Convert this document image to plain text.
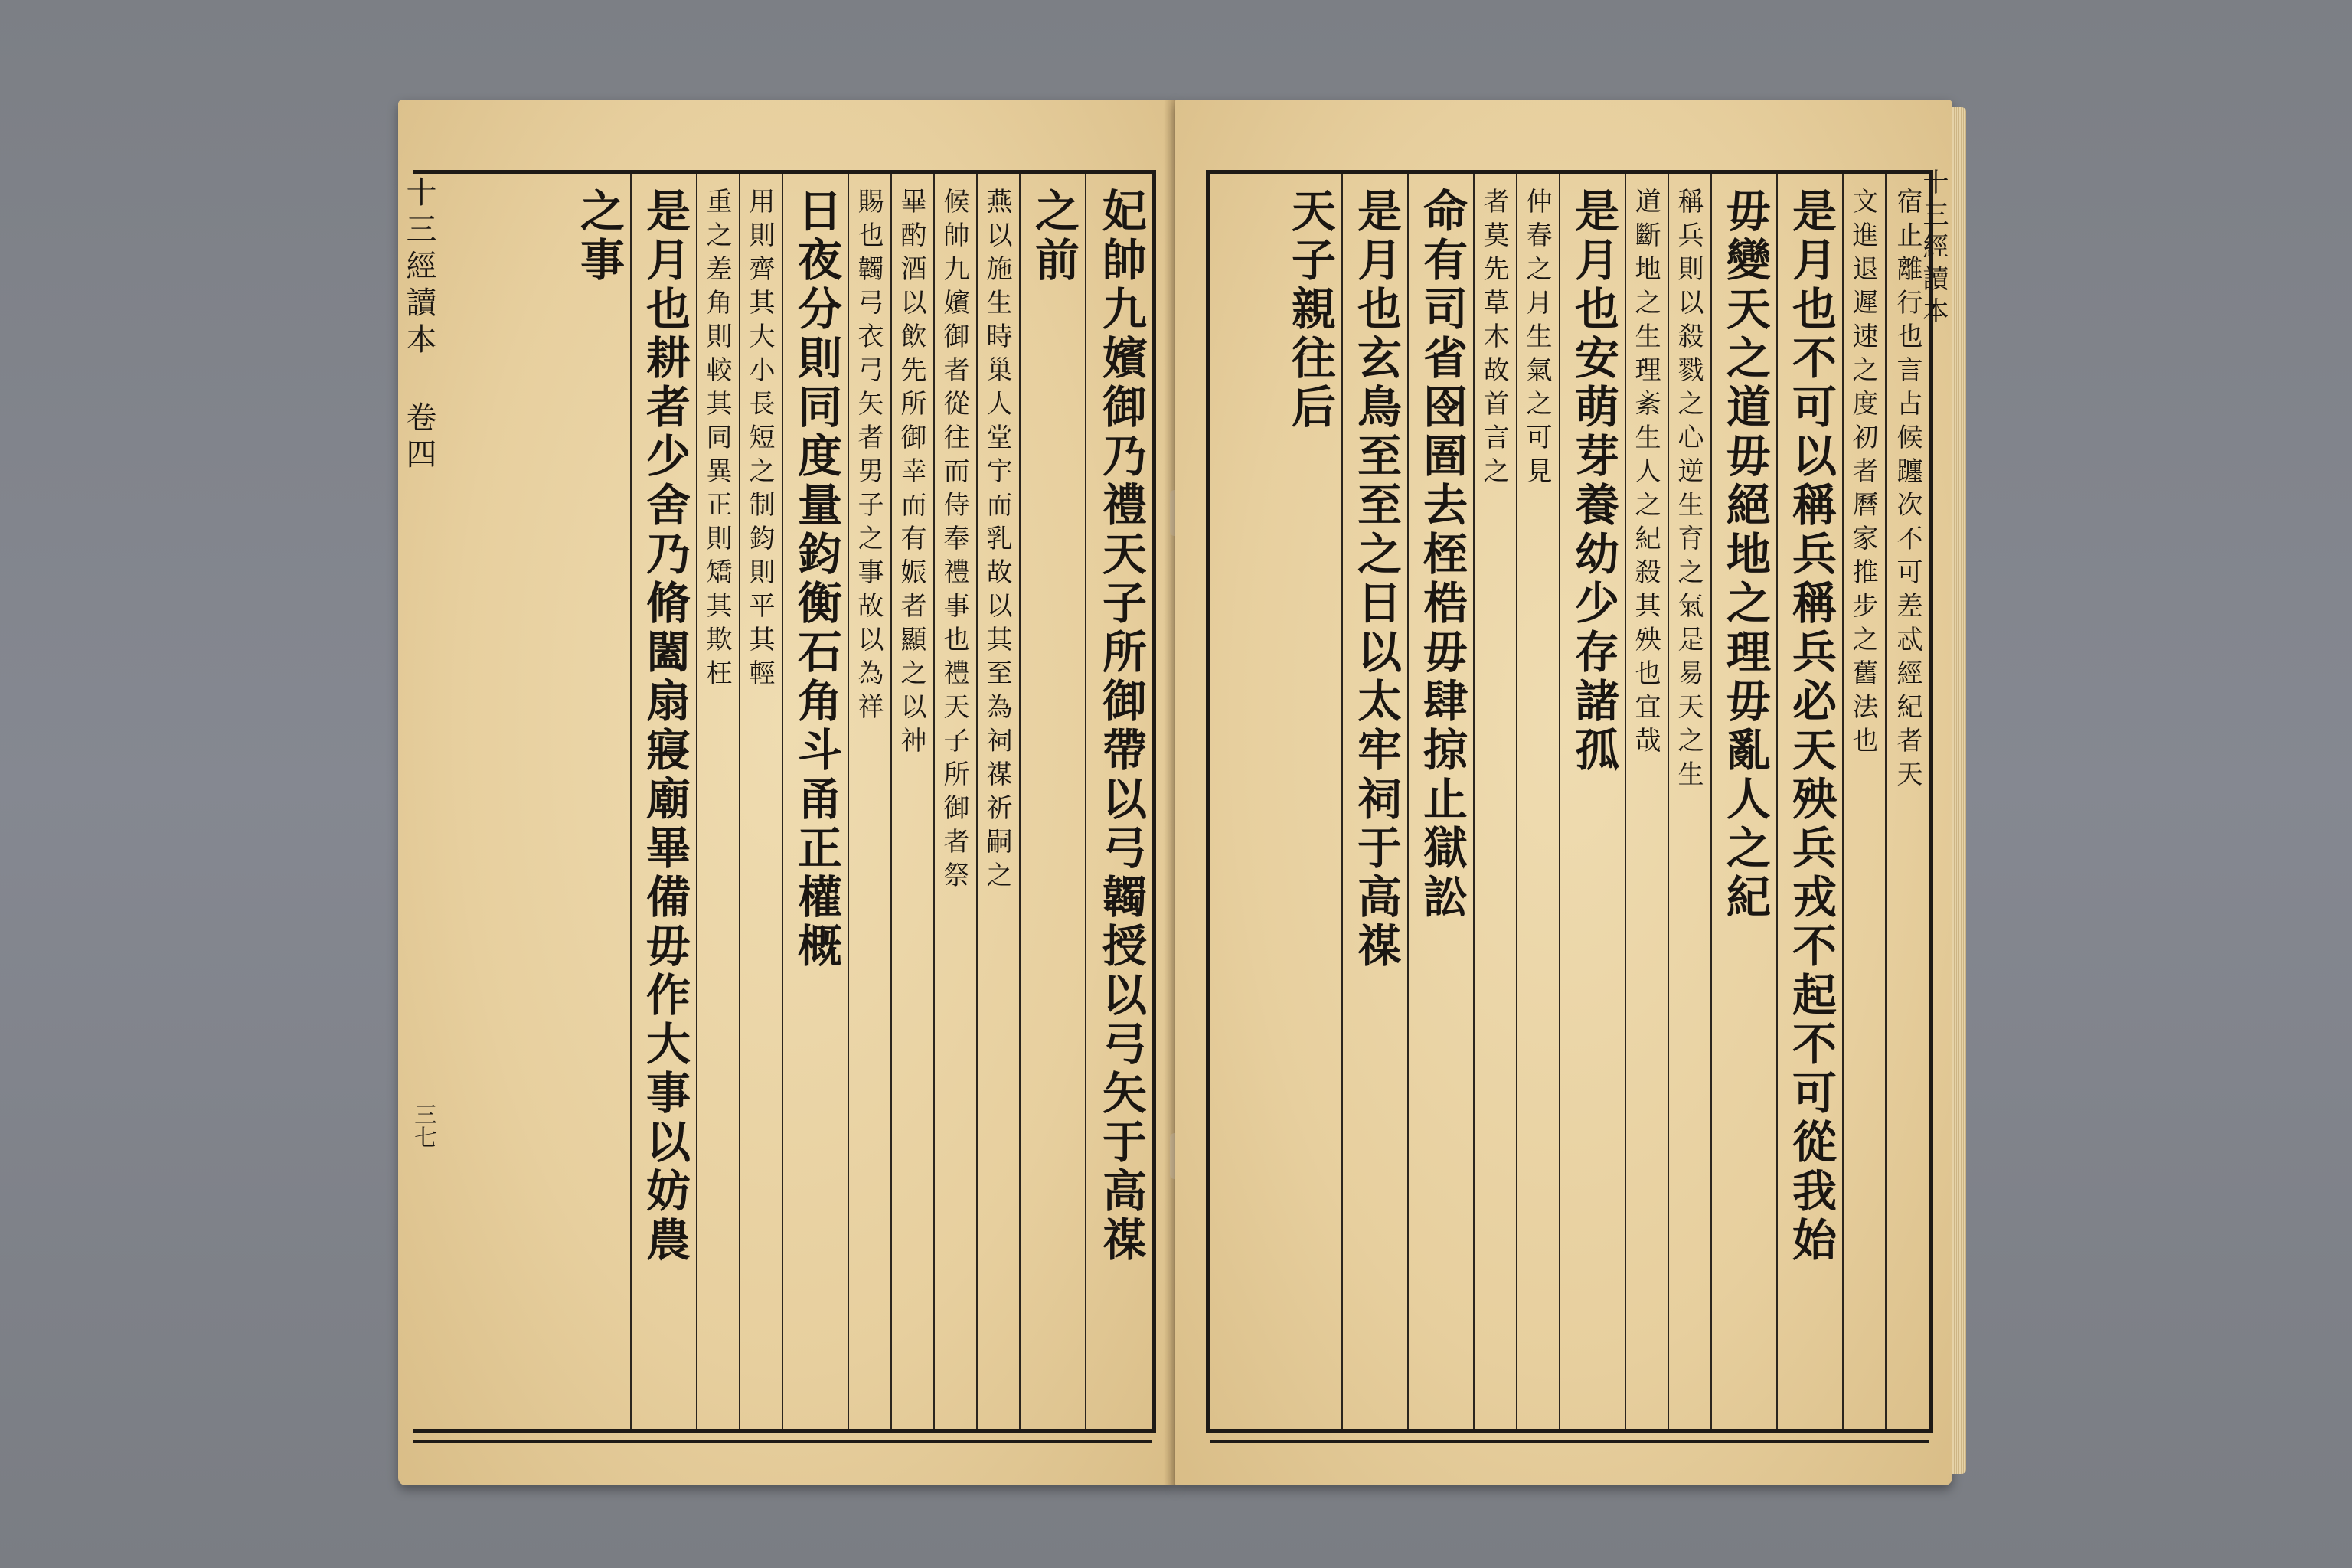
十三經讀本 卷四
三七	妃帥九嬪御乃禮天子所御帶以弓韣授以弓矢于高禖
之前
燕以施生時巢人堂宇而乳故以其至為祠禖祈嗣之
候帥九嬪御者從往而侍奉禮事也禮天子所御者祭
畢酌酒以飲先所御幸而有娠者顯之以神
賜也韣弓衣弓矢者男子之事故以為祥
日夜分則同度量鈞衡石角斗甬正權概
用則齊其大小長短之制鈞則平其輕
重之差角則較其同異正則矯其欺枉
是月也耕者少舍乃脩闔扇寢廟畢備毋作大事以妨農
之事	宿止離行也言占候躔次不可差忒經紀者天
文進退遲速之度初者曆家推步之舊法也
是月也不可以稱兵稱兵必天殃兵戎不起不可從我始
毋變天之道毋絕地之理毋亂人之紀
稱兵則以殺戮之心逆生育之氣是易天之生
道斷地之生理紊生人之紀殺其殃也宜哉
是月也安萌芽養幼少存諸孤
仲春之月生氣之可見
者莫先草木故首言之
命有司省囹圄去桎梏毋肆掠止獄訟
是月也玄鳥至至之日以太牢祠于高禖
天子親往后	十三經讀本
